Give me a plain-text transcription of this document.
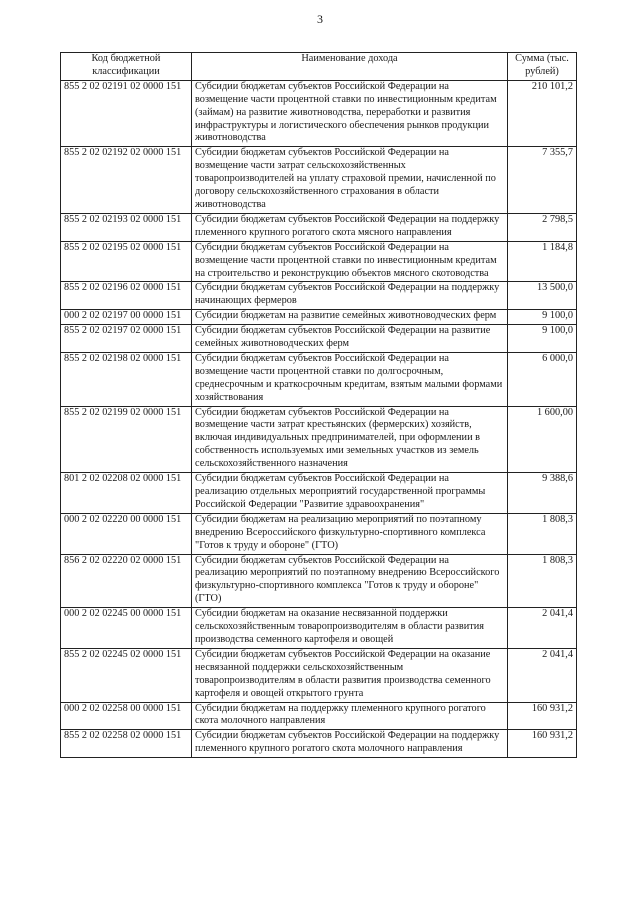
3
Код бюджетной классификации	Наименование дохода	Сумма (тыс. рублей)
855 2 02 02191 02 0000 151	Субсидии бюджетам субъектов Российской Федерации на возмещение части процентной ставки по инвестиционным кредитам (займам) на развитие животноводства, переработки и развития инфраструктуры и логистического обеспечения рынков продукции животноводства	210 101,2
855 2 02 02192 02 0000 151	Субсидии бюджетам субъектов Российской Федерации на возмещение части затрат сельскохозяйственных товаропроизводителей на уплату страховой премии, начисленной по договору сельскохозяйственного страхования в области животноводства	7 355,7
855 2 02 02193 02 0000 151	Субсидии бюджетам субъектов Российской Федерации на поддержку племенного крупного рогатого скота мясного направления	2 798,5
855 2 02 02195 02 0000 151	Субсидии бюджетам субъектов Российской Федерации на возмещение части процентной ставки по инвестиционным кредитам на строительство и реконструкцию объектов мясного скотоводства	1 184,8
855 2 02 02196 02 0000 151	Субсидии бюджетам субъектов Российской Федерации на поддержку начинающих фермеров	13 500,0
000 2 02 02197 00 0000 151	Субсидии бюджетам на развитие семейных животноводческих ферм	9 100,0
855 2 02 02197 02 0000 151	Субсидии бюджетам субъектов Российской Федерации на развитие семейных животноводческих ферм	9 100,0
855 2 02 02198 02 0000 151	Субсидии бюджетам субъектов Российской Федерации на возмещение части процентной ставки по долгосрочным, среднесрочным и краткосрочным кредитам, взятым малыми формами хозяйствования	6 000,0
855 2 02 02199 02 0000 151	Субсидии бюджетам субъектов Российской Федерации на возмещение части затрат крестьянских (фермерских) хозяйств, включая индивидуальных предпринимателей, при оформлении в собственность используемых ими земельных участков из земель сельскохозяйственного назначения	1 600,00
801 2 02 02208 02 0000 151	Субсидии бюджетам субъектов Российской Федерации на реализацию отдельных мероприятий государственной программы Российской Федерации "Развитие здравоохранения"	9 388,6
000 2 02 02220 00 0000 151	Субсидии бюджетам на реализацию мероприятий по поэтапному внедрению Всероссийского физкультурно-спортивного комплекса "Готов к труду и обороне" (ГТО)	1 808,3
856 2 02 02220 02 0000 151	Субсидии бюджетам субъектов Российской Федерации на реализацию мероприятий по поэтапному внедрению Всероссийского физкультурно-спортивного комплекса "Готов к труду и обороне" (ГТО)	1 808,3
000 2 02 02245 00 0000 151	Субсидии бюджетам на оказание несвязанной поддержки сельскохозяйственным товаропроизводителям в области развития производства семенного картофеля и овощей	2 041,4
855 2 02 02245 02 0000 151	Субсидии бюджетам субъектов Российской Федерации на оказание несвязанной поддержки сельскохозяйственным товаропроизводителям в области развития производства семенного картофеля и овощей открытого грунта	2 041,4
000 2 02 02258 00 0000 151	Субсидии бюджетам на поддержку племенного крупного рогатого скота молочного направления	160 931,2
855 2 02 02258 02 0000 151	Субсидии бюджетам субъектов Российской Федерации на поддержку племенного крупного рогатого скота молочного направления	160 931,2
